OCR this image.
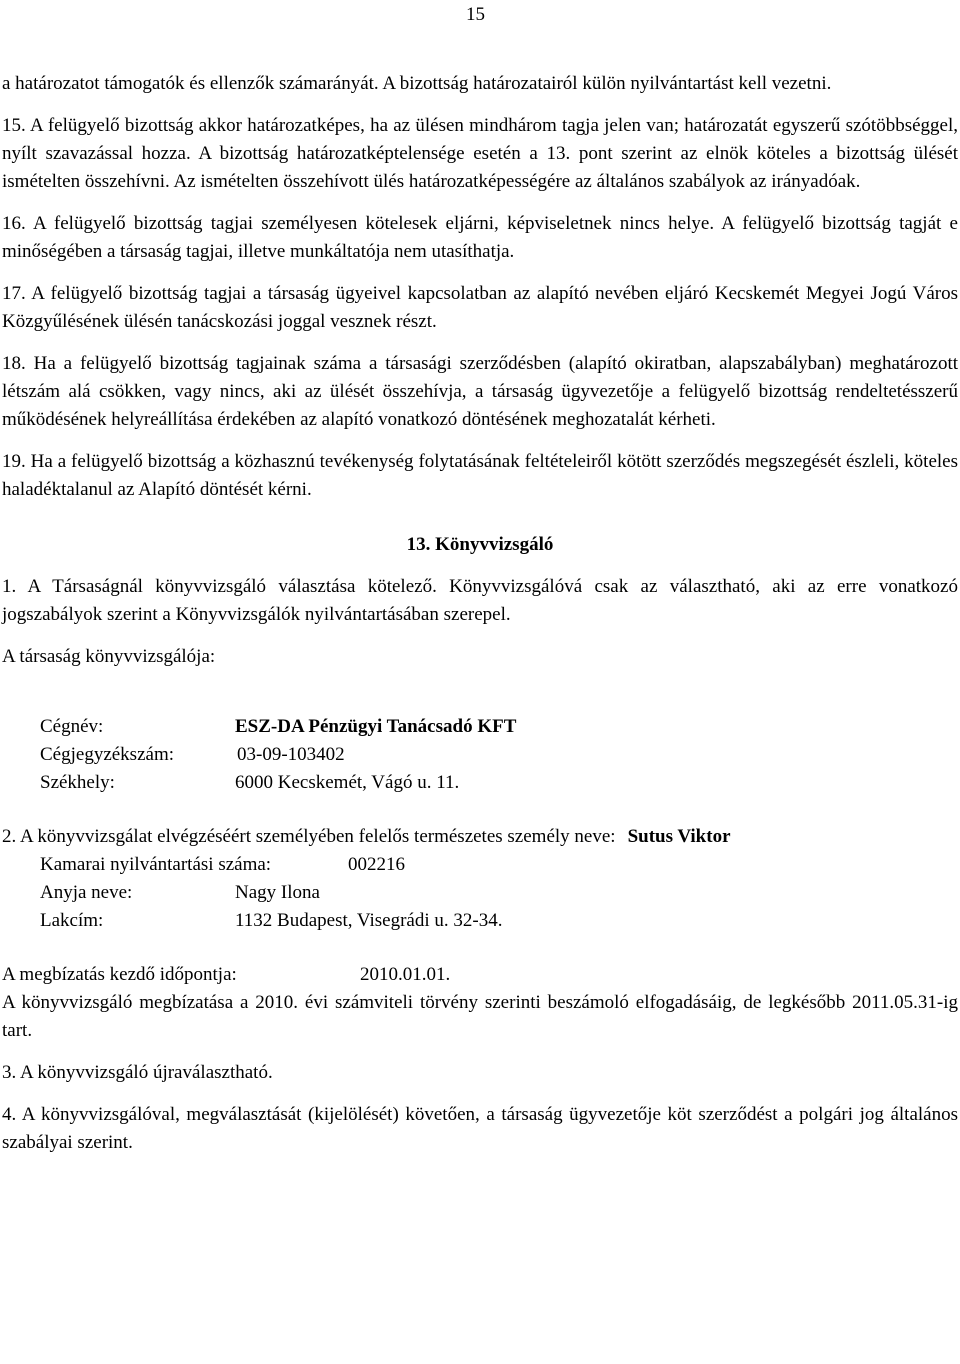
15

a határozatot támogatók és ellenzők számarányát. A bizottság határozatairól külön nyilvántartást kell vezetni.

15. A felügyelő bizottság akkor határozatképes, ha az ülésen mindhárom tagja jelen van; határozatát egyszerű szótöbbséggel, nyílt szavazással hozza. A bizottság határozatképtelensége esetén a 13. pont szerint az elnök köteles a bizottság ülését ismételten összehívni. Az ismételten összehívott ülés határozatképességére az általános szabályok az irányadóak.

16. A felügyelő bizottság tagjai személyesen kötelesek eljárni, képviseletnek nincs helye. A felügyelő bizottság tagját e minőségében a társaság tagjai, illetve munkáltatója nem utasíthatja.

17. A felügyelő bizottság tagjai a társaság ügyeivel kapcsolatban az alapító nevében eljáró Kecskemét Megyei Jogú Város Közgyűlésének ülésén tanácskozási joggal vesznek részt.

18. Ha a felügyelő bizottság tagjainak száma a társasági szerződésben (alapító okiratban, alapszabályban) meghatározott létszám alá csökken, vagy nincs, aki az ülését összehívja, a társaság ügyvezetője a felügyelő bizottság rendeltetésszerű működésének helyreállítása érdekében az alapító vonatkozó döntésének meghozatalát kérheti.

19. Ha a felügyelő bizottság a közhasznú tevékenység folytatásának feltételeiről kötött szerződés megszegését észleli, köteles haladéktalanul az Alapító döntését kérni.

13. Könyvvizsgáló

1. A Társaságnál könyvvizsgáló választása kötelező. Könyvvizsgálóvá csak az választható, aki az erre vonatkozó jogszabályok szerint a Könyvvizsgálók nyilvántartásában szerepel.

A társaság könyvvizsgálója:

Cégnév:	ESZ-DA Pénzügyi Tanácsadó KFT
Cégjegyzékszám:	03-09-103402
Székhely:	6000 Kecskemét, Vágó u. 11.
2. A könyvvizsgálat elvégzéséért személyében felelős természetes személy neve: Sutus Viktor
Kamarai nyilvántartási száma:	002216
Anyja neve:	Nagy Ilona
Lakcím:	1132 Budapest, Visegrádi u. 32-34.
A megbízatás kezdő időpontja:	2010.01.01.

A könyvvizsgáló megbízatása a 2010. évi számviteli törvény szerinti beszámoló elfogadásáig, de legkésőbb 2011.05.31-ig tart.

3. A könyvvizsgáló újraválasztható.

4. A könyvvizsgálóval, megválasztását (kijelölését) követően, a társaság ügyvezetője köt szerződést a polgári jog általános szabályai szerint.
